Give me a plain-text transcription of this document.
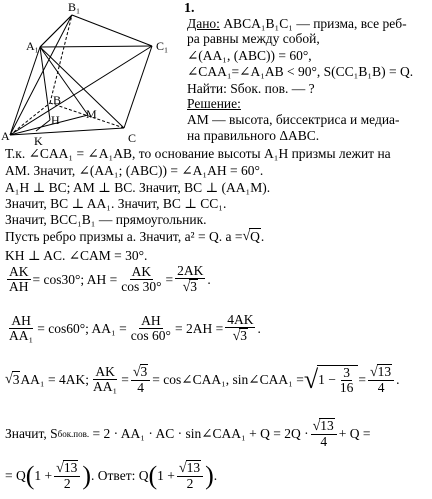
B₁
A₁	C₁
B
H M
A K	C
1.
Дано: ABCA₁B₁C₁ — призма, все реб-
ра равны между собой,
∠(AA₁, (ABC)) = 60°,
∠CAA₁=∠A₁AB < 90°, S(CC₁B₁B) = Q.
Найти: Sбок. пов. — ?
Решение:
AM — высота, биссектриса и медиа-
на правильного ΔABC.
Т.к. ∠CAA₁ = ∠A₁AB, то основание высоты A₁H призмы лежит на
AM. Значит, ∠(AA₁; (ABC)) = ∠A₁AH = 60°.
A₁H ⊥ BC; AM ⊥ BC. Значит, BC ⊥ (AA₁M).
Значит, BC ⊥ AA₁. Значит, BC ⊥ CC₁.
Значит, BCC₁B₁ — прямоугольник.
Пусть ребро призмы a. Значит, a² = Q. a = √ Q .
KH ⊥ AC. ∠CAM = 30°.
$\frac{AK}{AH} = \cos 30^\circ$; AH = $\frac{AK}{\cos 30^\circ} = \frac{2AK}{√3}$ .
$\frac{AH}{\text{AA₁}} = \cos 60^\circ$; $AA_1 = \frac{AH}{\cos 60^\circ} = 2AH = \frac{4AK}{√3}$ .
√ 3 AA₁ = 4AK; $\frac{AK}{\text{AA₁}} = \frac{√3}{4}$ = cos∠CAA₁, sin∠CAA₁ = √ $1 - \frac{3}{16} = \frac{√13}{4}$ .
Значит, S бок.пов.
= 2 · AA₁ · AC · sin∠CAA₁ + $Q = 2Q \cdot \frac{√13}{4} + Q$ =
= Q ( $1 + \frac{√13}{2}$ ) . Ответ: Q ( $1 + \frac{√13}{2}$ ) .
